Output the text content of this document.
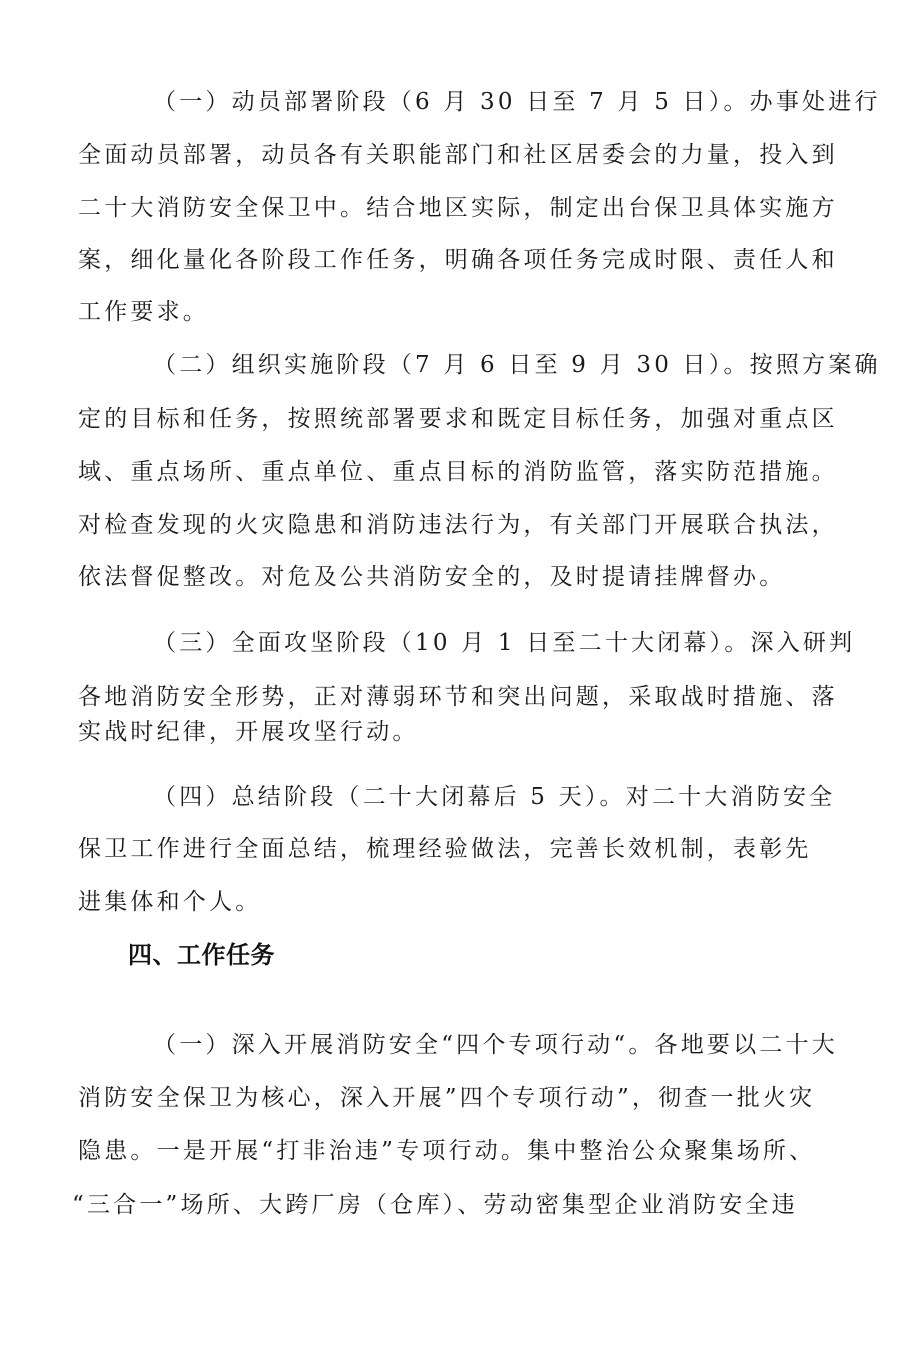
（一）动员部署阶段（6 月 30 日至 7 月 5 日）。办事处进行
全面动员部署，动员各有关职能部门和社区居委会的力量，投入到
二十大消防安全保卫中。结合地区实际，制定出台保卫具体实施方
案，细化量化各阶段工作任务，明确各项任务完成时限、责任人和
工作要求。
（二）组织实施阶段（7 月 6 日至 9 月 30 日）。按照方案确
定的目标和任务，按照统部署要求和既定目标任务，加强对重点区
域、重点场所、重点单位、重点目标的消防监管，落实防范措施。
对检查发现的火灾隐患和消防违法行为，有关部门开展联合执法，
依法督促整改。对危及公共消防安全的，及时提请挂牌督办。
（三）全面攻坚阶段（10 月 1 日至二十大闭幕）。深入研判
各地消防安全形势，正对薄弱环节和突出问题，采取战时措施、落
实战时纪律，开展攻坚行动。
（四）总结阶段（二十大闭幕后 5 天）。对二十大消防安全
保卫工作进行全面总结，梳理经验做法，完善长效机制，表彰先
进集体和个人。
四、工作任务
（一）深入开展消防安全“四个专项行动“。各地要以二十大
消防安全保卫为核心，深入开展”四个专项行动”，彻查一批火灾
隐患。一是开展“打非治违”专项行动。集中整治公众聚集场所、
“三合一”场所、大跨厂房（仓库）、劳动密集型企业消防安全违
